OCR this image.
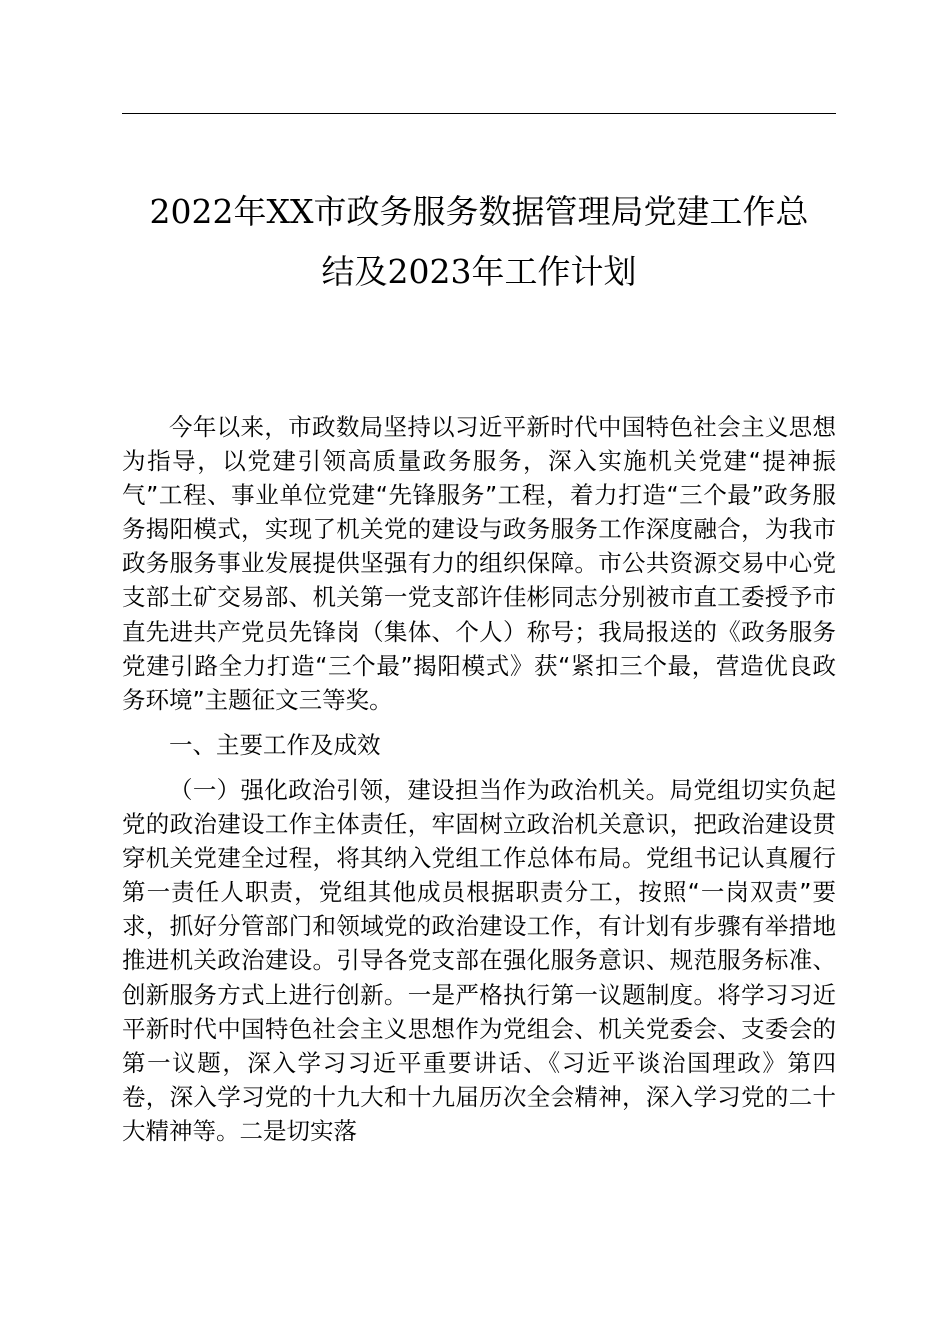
2022年XX市政务服务数据管理局党建工作总
结及2023年工作计划

今年以来，市政数局坚持以习近平新时代中国特色社会主义思想为指导，以党建引领高质量政务服务，深入实施机关党建“提神振气”工程、事业单位党建“先锋服务”工程，着力打造“三个最”政务服务揭阳模式，实现了机关党的建设与政务服务工作深度融合，为我市政务服务事业发展提供坚强有力的组织保障。市公共资源交易中心党支部土矿交易部、机关第一党支部许佳彬同志分别被市直工委授予市直先进共产党员先锋岗（集体、个人）称号；我局报送的《政务服务党建引路全力打造“三个最”揭阳模式》获“紧扣三个最，营造优良政务环境”主题征文三等奖。

一、主要工作及成效

（一）强化政治引领，建设担当作为政治机关。局党组切实负起党的政治建设工作主体责任，牢固树立政治机关意识，把政治建设贯穿机关党建全过程，将其纳入党组工作总体布局。党组书记认真履行第一责任人职责，党组其他成员根据职责分工，按照“一岗双责”要求，抓好分管部门和领域党的政治建设工作，有计划有步骤有举措地推进机关政治建设。引导各党支部在强化服务意识、规范服务标准、创新服务方式上进行创新。一是严格执行第一议题制度。将学习习近平新时代中国特色社会主义思想作为党组会、机关党委会、支委会的第一议题，深入学习习近平重要讲话、《习近平谈治国理政》第四卷，深入学习党的十九大和十九届历次全会精神，深入学习党的二十大精神等。二是切实落
